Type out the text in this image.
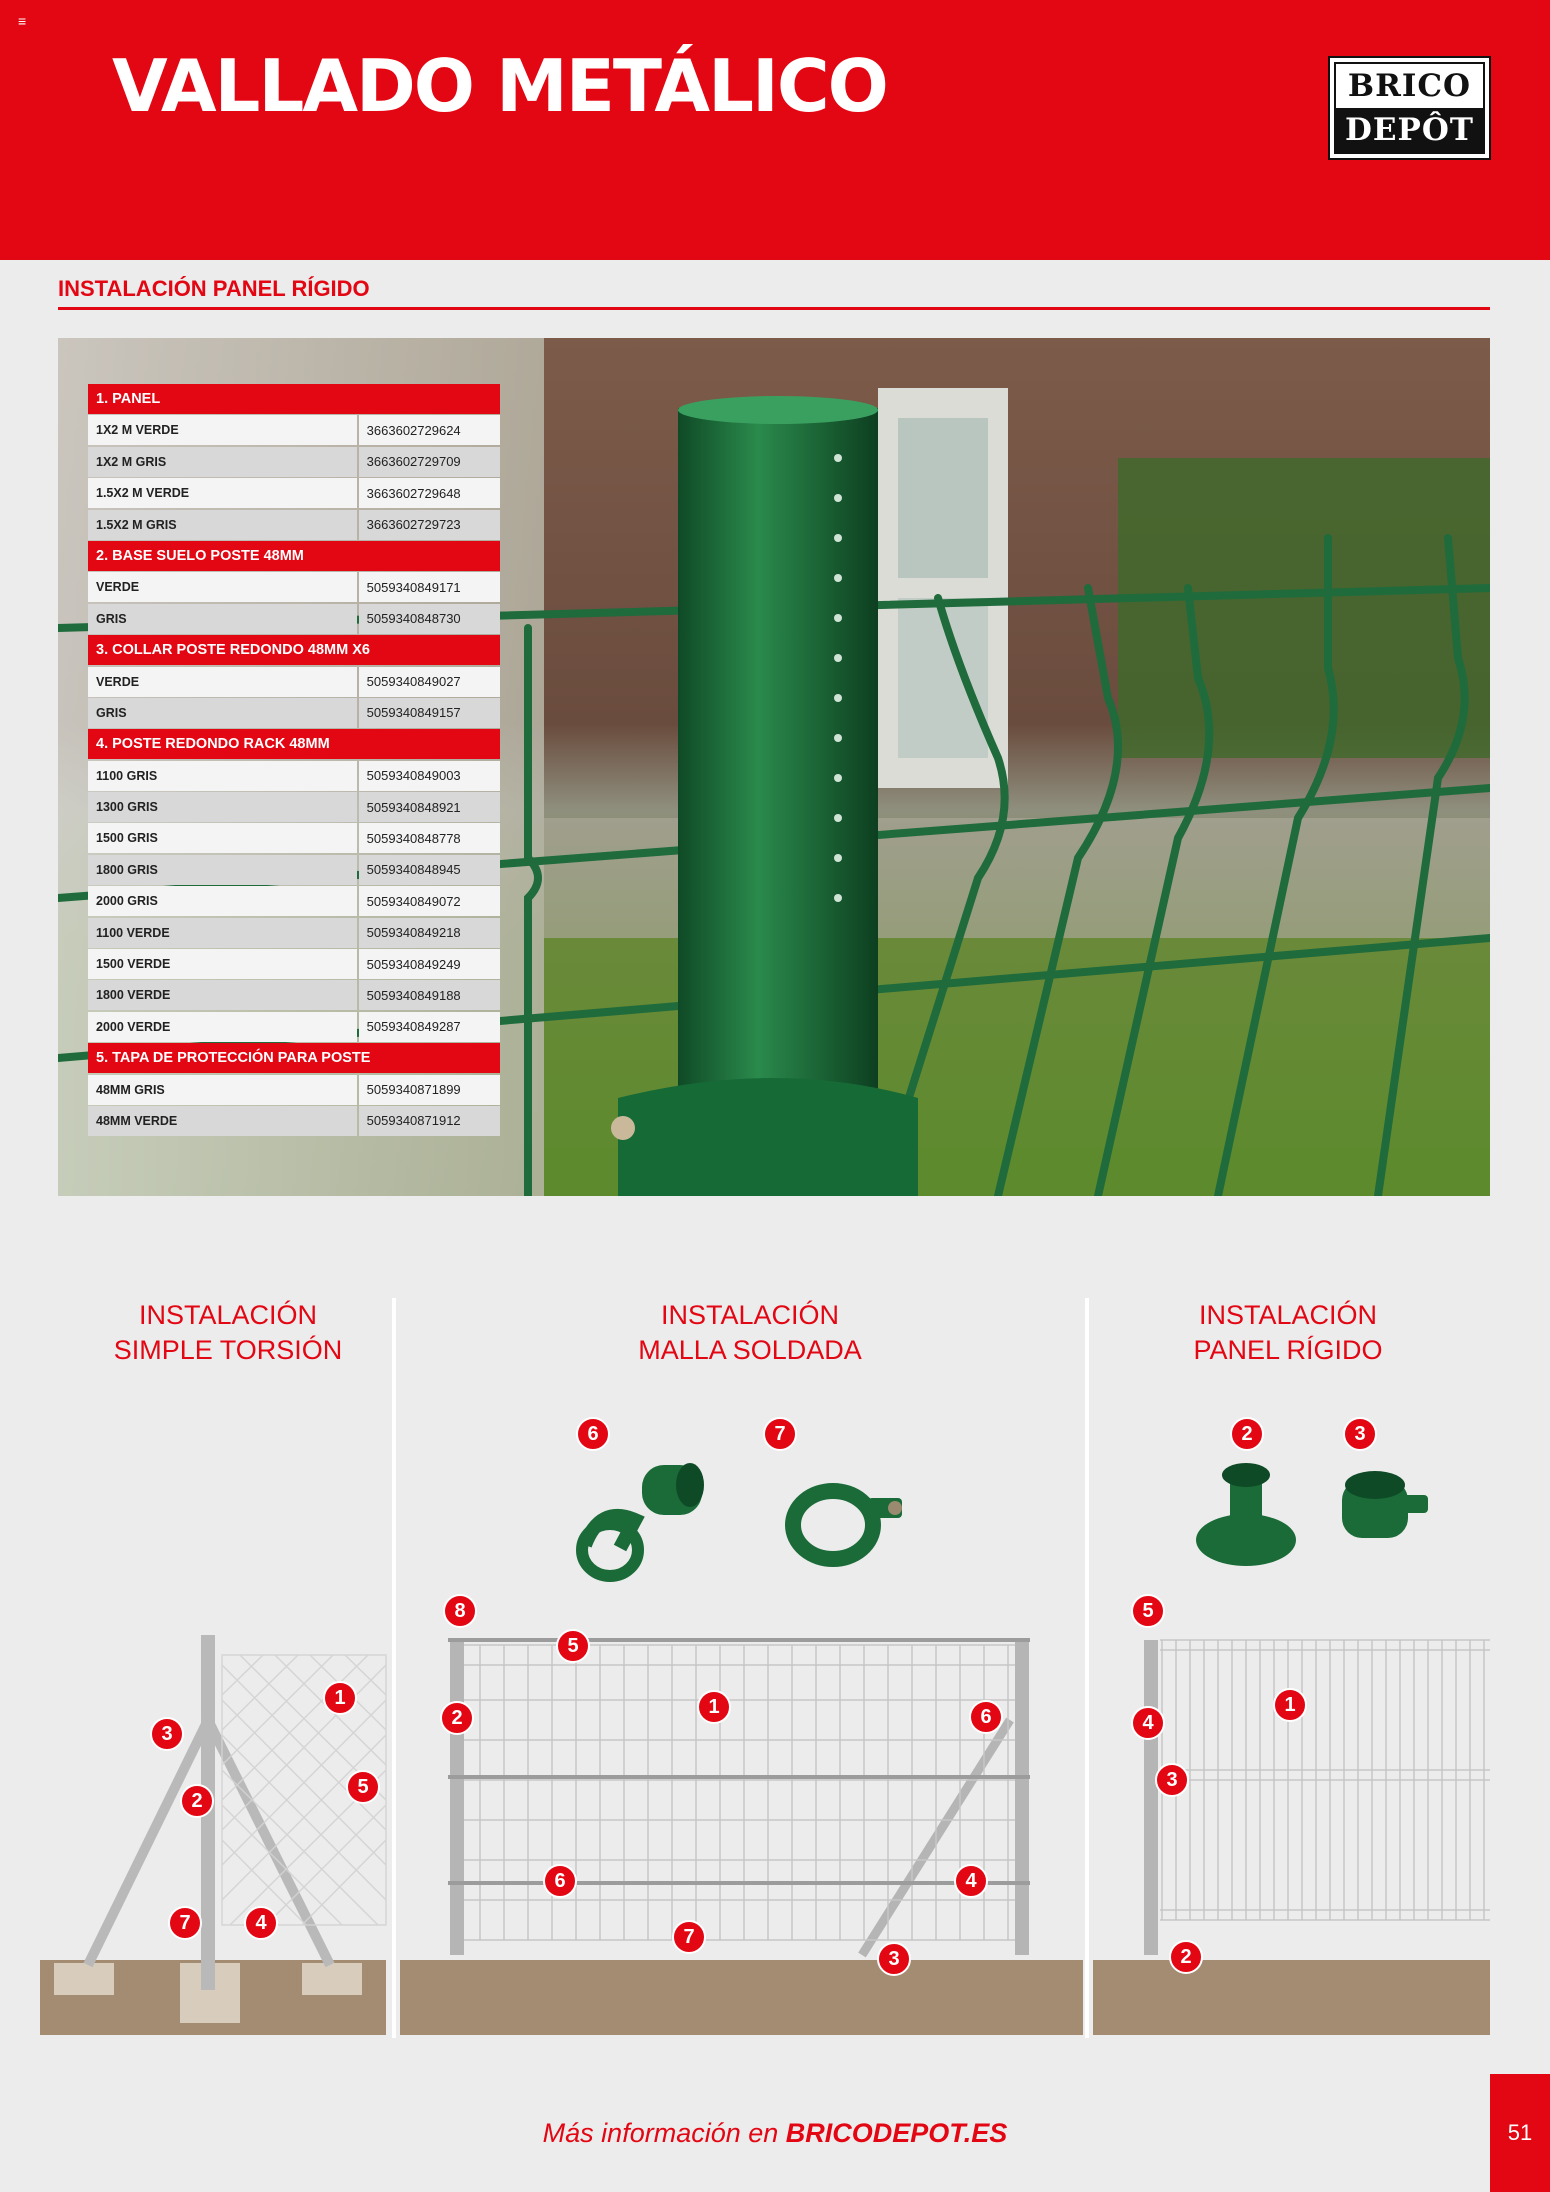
≡
VALLADO METÁLICO	BRICO
DEPÔT
INSTALACIÓN PANEL RÍGIDO
1. PANEL
1X2 M VERDE	3663602729624
1X2 M GRIS	3663602729709
1.5X2 M VERDE	3663602729648
1.5X2 M GRIS	3663602729723
2. BASE SUELO POSTE 48MM
VERDE	5059340849171
GRIS	5059340848730
3. COLLAR POSTE REDONDO 48MM X6
VERDE	5059340849027
GRIS	5059340849157
4. POSTE REDONDO RACK 48MM
1100 GRIS	5059340849003
1300 GRIS	5059340848921
1500 GRIS	5059340848778
1800 GRIS	5059340848945
2000 GRIS	5059340849072
1100 VERDE	5059340849218
1500 VERDE	5059340849249
1800 VERDE	5059340849188
2000 VERDE	5059340849287
5. TAPA DE PROTECCIÓN PARA POSTE
48MM GRIS	5059340871899
48MM VERDE	5059340871912
INSTALACIÓN
SIMPLE TORSIÓN
INSTALACIÓN
MALLA SOLDADA
INSTALACIÓN
PANEL RÍGIDO
1
2
3
4
5
7
6	7
8
5
2	1	6
6	4
7
3
2	3
5
1
4
3
2
Más información en BRICODEPOT.ES	51
